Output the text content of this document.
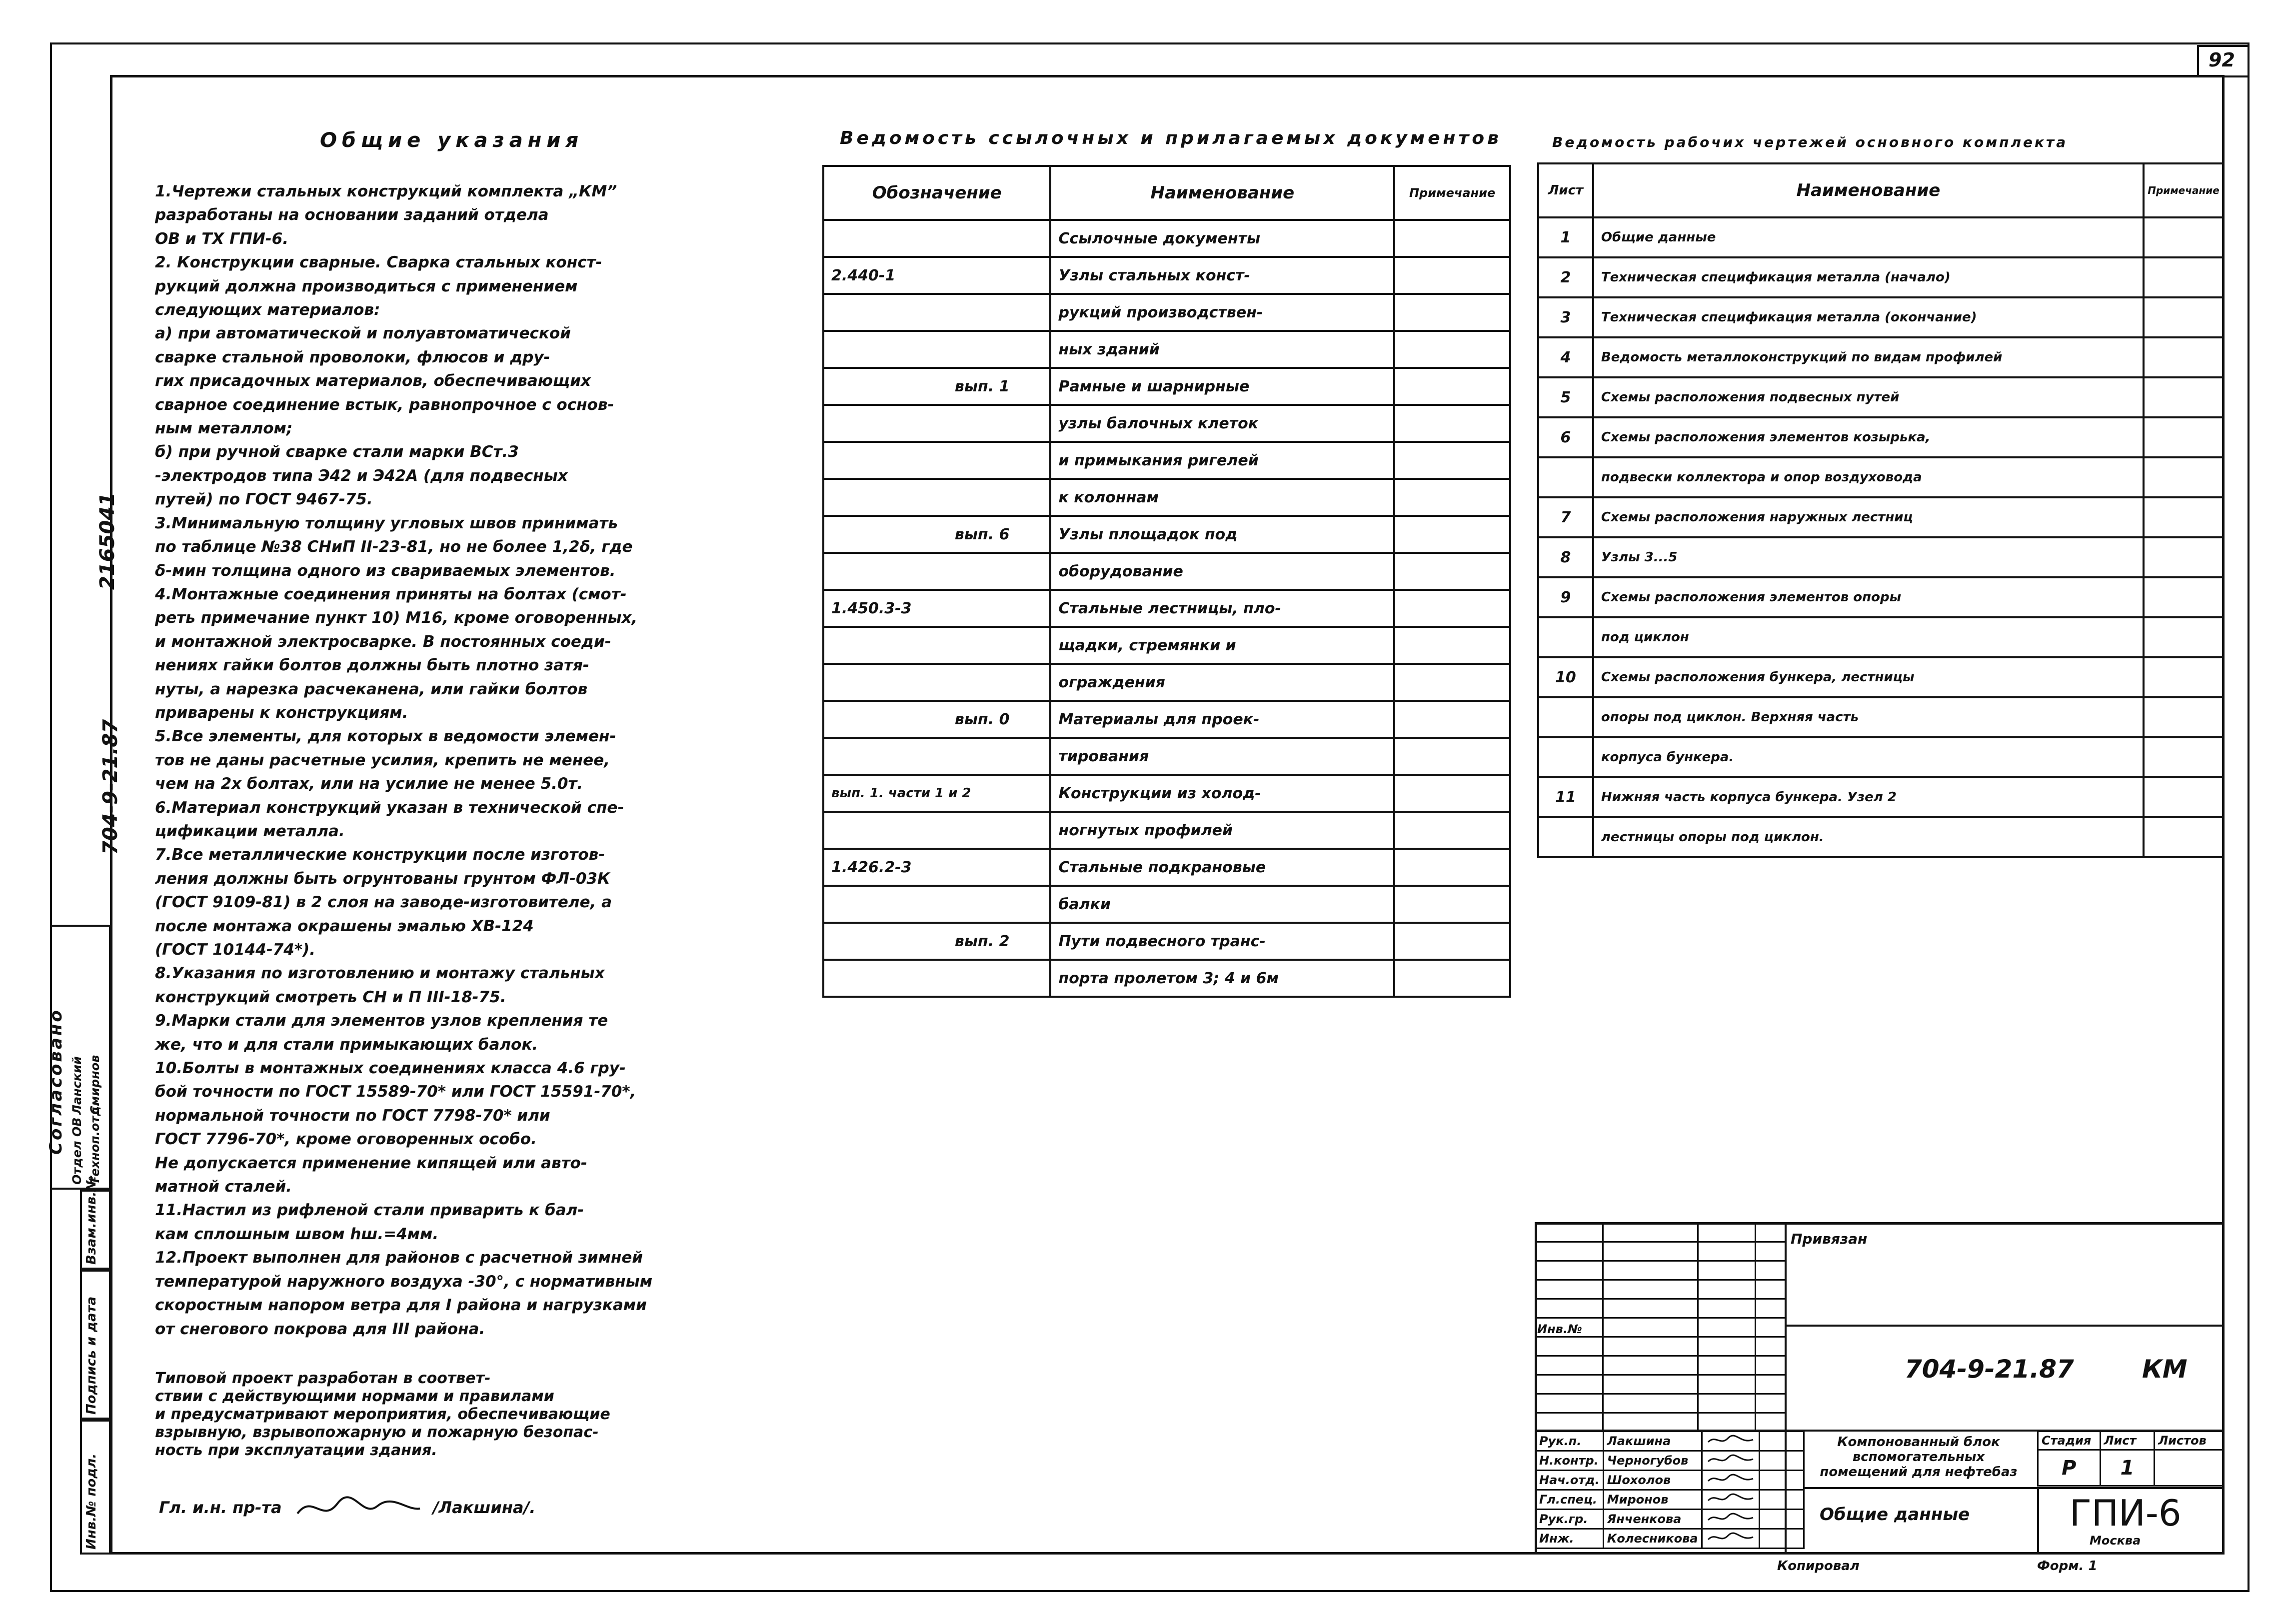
92
Взам.инв.№
Подпись и дата
Инв.№ подл.
Согласовано Отдел ОВ
Ланский
Техноп.отд.
Смирнов
2165041
704-9-21.87
Общие указания

1.Чертежи стальных конструкций комплекта „КМ”

разработаны на основании заданий отдела

ОВ и ТХ ГПИ-6.

2. Конструкции сварные. Сварка стальных конст-

рукций должна производиться с применением

следующих материалов:

а) при автоматической и полуавтоматической

сварке стальной проволоки, флюсов и дру-

гих присадочных материалов, обеспечивающих

сварное соединение встык, равнопрочное с основ-

ным металлом;

б) при ручной сварке стали марки ВСт.3

-электродов типа Э42 и Э42А (для подвесных

путей) по ГОСТ 9467-75.

3.Минимальную толщину угловых швов принимать

по таблице №38 СНиП II-23-81, но не более 1,2δ, где

δ-мин толщина одного из свариваемых элементов.

4.Монтажные соединения приняты на болтах (смот-

реть примечание пункт 10) М16, кроме оговоренных,

и монтажной электросварке. В постоянных соеди-

нениях гайки болтов должны быть плотно затя-

нуты, а нарезка расчеканена, или гайки болтов

приварены к конструкциям.

5.Все элементы, для которых в ведомости элемен-

тов не даны расчетные усилия, крепить не менее,

чем на 2х болтах, или на усилие не менее 5.0т.

6.Материал конструкций указан в технической спе-

цификации металла.

7.Все металлические конструкции после изготов-

ления должны быть огрунтованы грунтом ФЛ-03К

(ГОСТ 9109-81) в 2 слоя на заводе-изготовителе, а

после монтажа окрашены эмалью ХВ-124

(ГОСТ 10144-74*).

8.Указания по изготовлению и монтажу стальных

конструкций смотреть СН и П III-18-75.

9.Марки стали для элементов узлов крепления те

же, что и для стали примыкающих балок.

10.Болты в монтажных соединениях класса 4.6 гру-

бой точности по ГОСТ 15589-70* или ГОСТ 15591-70*,

нормальной точности по ГОСТ 7798-70* или

ГОСТ 7796-70*, кроме оговоренных особо.

Не допускается применение кипящей или авто-

матной сталей.

11.Настил из рифленой стали приварить к бал-

кам сплошным швом hш.=4мм.

12.Проект выполнен для районов с расчетной зимней

температурой наружного воздуха -30°, с нормативным

скоростным напором ветра для I района и нагрузками

от снегового покрова для III района.

Типовой проект разработан в соответ-

ствии с действующими нормами и правилами

и предусматривают мероприятия, обеспечивающие

взрывную, взрывопожарную и пожарную безопас-

ность при эксплуатации здания.

Гл. и.н. пр-та	/Лакшина/.
Ведомость ссылочных и прилагаемых документов
Обозначение	Наименование	Примечание
	Ссылочные документы	
2.440-1	Узлы стальных конст-	
	рукций производствен-	
	ных зданий	
вып. 1	Рамные и шарнирные	
	узлы балочных клеток	
	и примыкания ригелей	
	к колоннам	
вып. 6	Узлы площадок под	
	оборудование	
1.450.3-3	Стальные лестницы, пло-	
	щадки, стремянки и	
	ограждения	
вып. 0	Материалы для проек-	
	тирования	
вып. 1. части 1 и 2	Конструкции из холод-	
	ногнутых профилей	
1.426.2-3	Стальные подкрановые	
	балки	
вып. 2	Пути подвесного транс-	
	порта пролетом 3; 4 и 6м	
Ведомость рабочих чертежей основного комплекта
Лист	Наименование	Примечание
1	Общие данные	
2	Техническая спецификация металла (начало)	
3	Техническая спецификация металла (окончание)	
4	Ведомость металлоконструкций по видам профилей	
5	Схемы расположения подвесных путей	
6	Схемы расположения элементов козырька,	
	подвески коллектора и опор воздуховода	
7	Схемы расположения наружных лестниц	
8	Узлы 3...5	
9	Схемы расположения элементов опоры	
	под циклон	
10	Схемы расположения бункера, лестницы	
	опоры под циклон. Верхняя часть	
	корпуса бункера.	
11	Нижняя часть корпуса бункера. Узел 2	
	лестницы опоры под циклон.	
Привязан
Инв.№
704-9-21.87	КМ
Рук.п.	Лакшина		
Н.контр.	Черногубов		
Нач.отд.	Шохолов		
Гл.спец.	Миронов		
Рук.гр.	Янченкова		
Инж.	Колесникова		
Компонованный блок вспомогательных помещений для нефтебаз
Общие данные
Стадия	Лист	Листов
Р	1	
ГПИ-6
Москва
Копировал	Форм. 1
